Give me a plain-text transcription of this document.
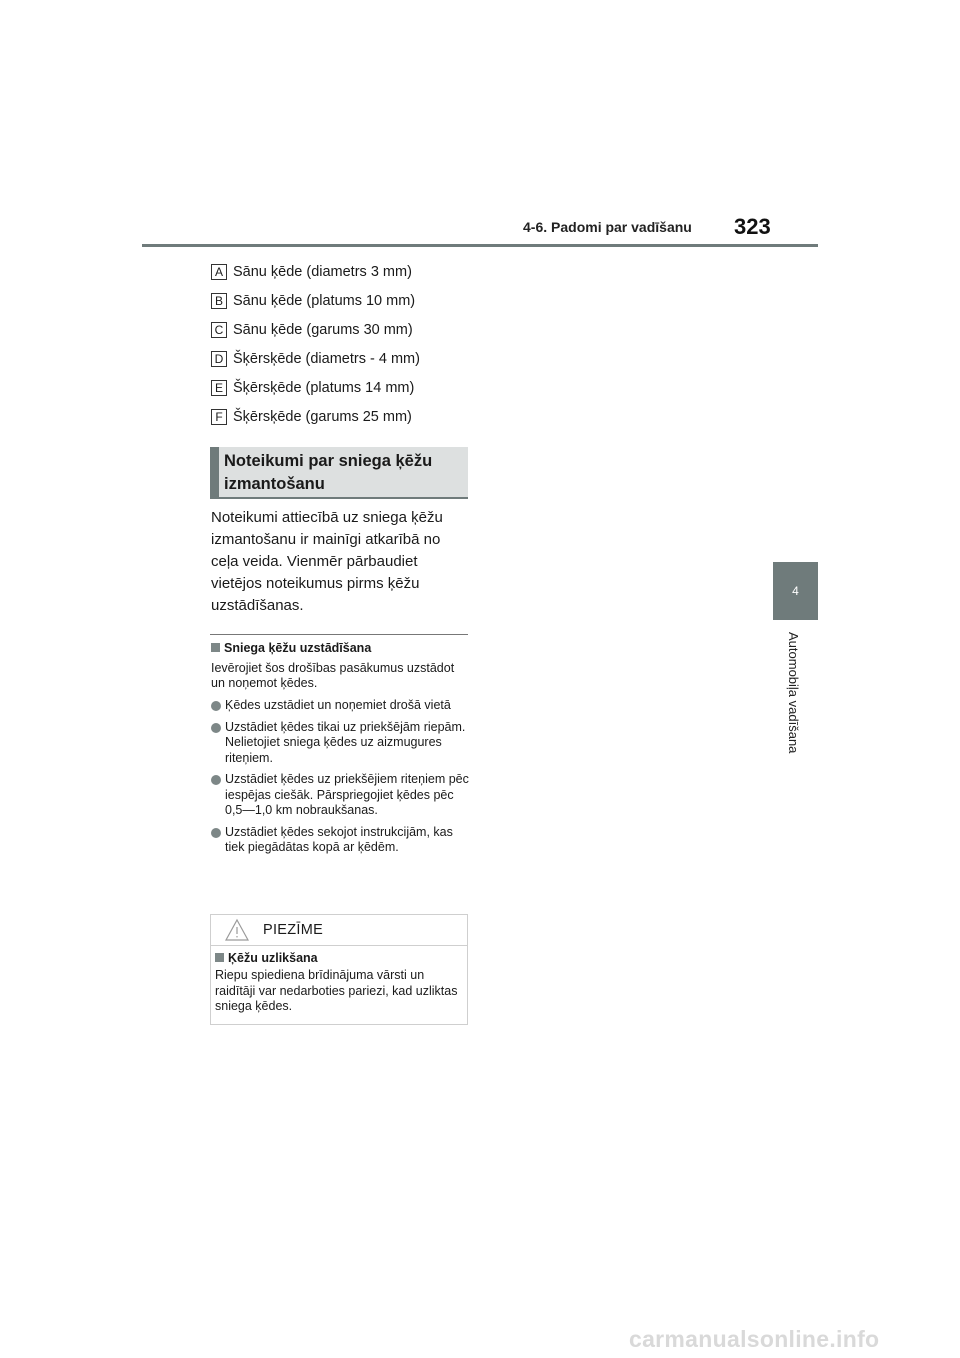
4-6. Padomi par vadīšanu 323
4
Automobiļa vadīšana
A Sānu ķēde (diametrs 3 mm)
B Sānu ķēde (platums 10 mm)
C Sānu ķēde (garums 30 mm)
D Šķērsķēde (diametrs - 4 mm)
E Šķērsķēde (platums 14 mm)
F Šķērsķēde (garums 25 mm)
Noteikumi par sniega ķēžu
izmantošanu
Noteikumi attiecībā uz sniega ķēžu izmantošanu ir mainīgi atkarībā no ceļa veida. Vienmēr pārbaudiet vietējos noteikumus pirms ķēžu uzstādīšanas.
Sniega ķēžu uzstādīšana
Ievērojiet šos drošības pasākumus uzstādot un noņemot ķēdes.
Ķēdes uzstādiet un noņemiet drošā vietā
Uzstādiet ķēdes tikai uz priekšējām riepām. Nelietojiet sniega ķēdes uz aizmugures riteņiem.
Uzstādiet ķēdes uz priekšējiem riteņiem pēc iespējas ciešāk. Pārspriegojiet ķēdes pēc 0,5—1,0 km nobraukšanas.
Uzstādiet ķēdes sekojot instrukcijām, kas tiek piegādātas kopā ar ķēdēm.
PIEZĪME
Ķēžu uzlikšana
Riepu spiediena brīdinājuma vārsti un raidītāji var nedarboties pariezi, kad uzliktas sniega ķēdes.
carmanualsonline.info
